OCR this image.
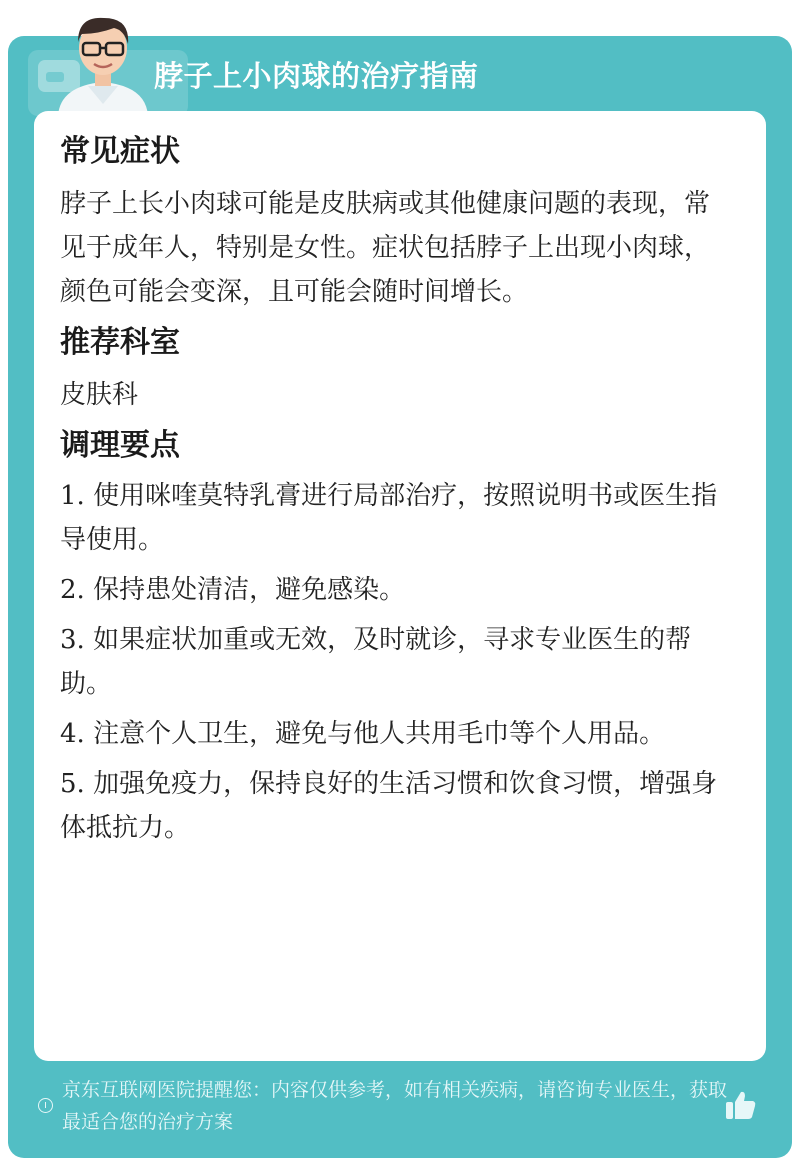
脖子上小肉球的治疗指南
常见症状

脖子上长小肉球可能是皮肤病或其他健康问题的表现，常见于成年人，特别是女性。症状包括脖子上出现小肉球，颜色可能会变深，且可能会随时间增长。

推荐科室

皮肤科

调理要点
1. 使用咪喹莫特乳膏进行局部治疗，按照说明书或医生指导使用。
2. 保持患处清洁，避免感染。
3. 如果症状加重或无效，及时就诊，寻求专业医生的帮助。
4. 注意个人卫生，避免与他人共用毛巾等个人用品。
5. 加强免疫力，保持良好的生活习惯和饮食习惯，增强身体抵抗力。
京东互联网医院提醒您：内容仅供参考，如有相关疾病，请咨询专业医生，获取最适合您的治疗方案
